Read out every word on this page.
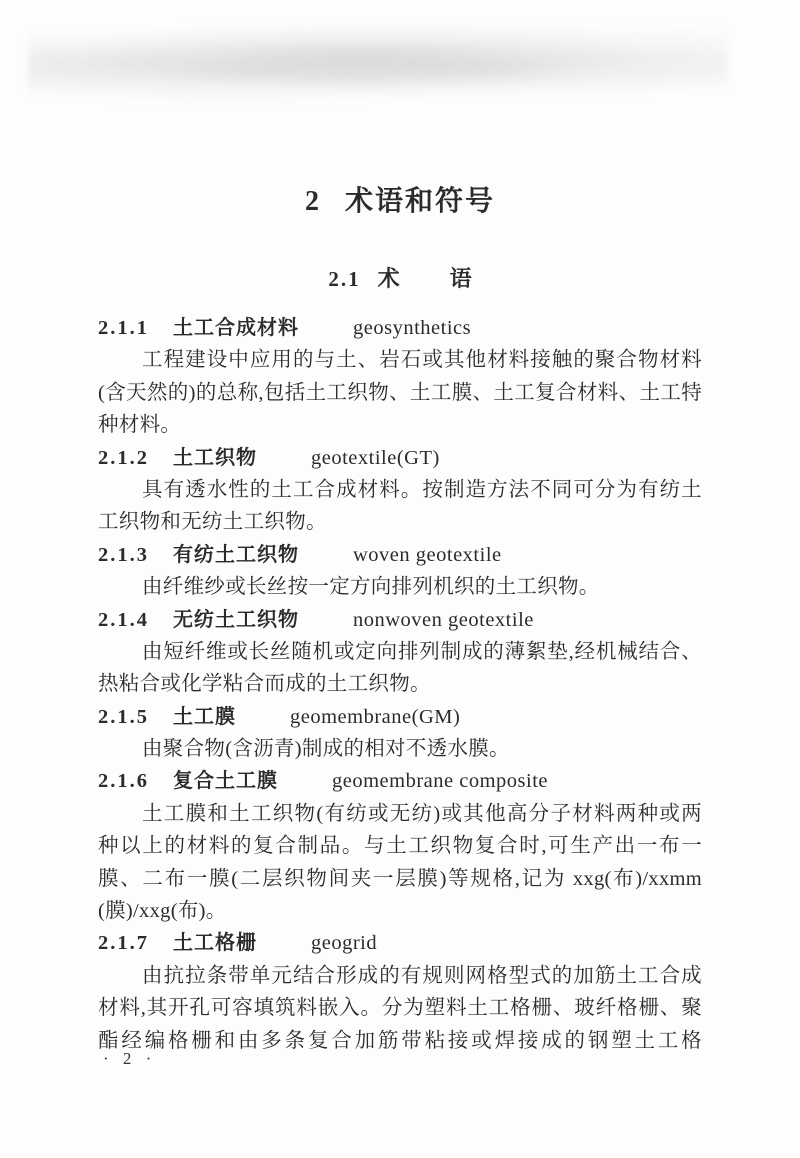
2 术语和符号
2.1 术 语
2.1.1 土工合成材料	geosynthetics
工程建设中应用的与土、岩石或其他材料接触的聚合物材料
(含天然的)的总称,包括土工织物、土工膜、土工复合材料、土工特
种材料。
2.1.2 土工织物	geotextile(GT)
具有透水性的土工合成材料。按制造方法不同可分为有纺土
工织物和无纺土工织物。
2.1.3 有纺土工织物	woven geotextile
由纤维纱或长丝按一定方向排列机织的土工织物。
2.1.4 无纺土工织物	nonwoven geotextile
由短纤维或长丝随机或定向排列制成的薄絮垫,经机械结合、
热粘合或化学粘合而成的土工织物。
2.1.5 土工膜	geomembrane(GM)
由聚合物(含沥青)制成的相对不透水膜。
2.1.6 复合土工膜	geomembrane composite
土工膜和土工织物(有纺或无纺)或其他高分子材料两种或两
种以上的材料的复合制品。与土工织物复合时,可生产出一布一
膜、二布一膜(二层织物间夹一层膜)等规格,记为 xxg(布)/xxmm
(膜)/xxg(布)。
2.1.7 土工格栅	geogrid
由抗拉条带单元结合形成的有规则网格型式的加筋土工合成
材料,其开孔可容填筑料嵌入。分为塑料土工格栅、玻纤格栅、聚
酯经编格栅和由多条复合加筋带粘接或焊接成的钢塑土工格
· 2 ·
